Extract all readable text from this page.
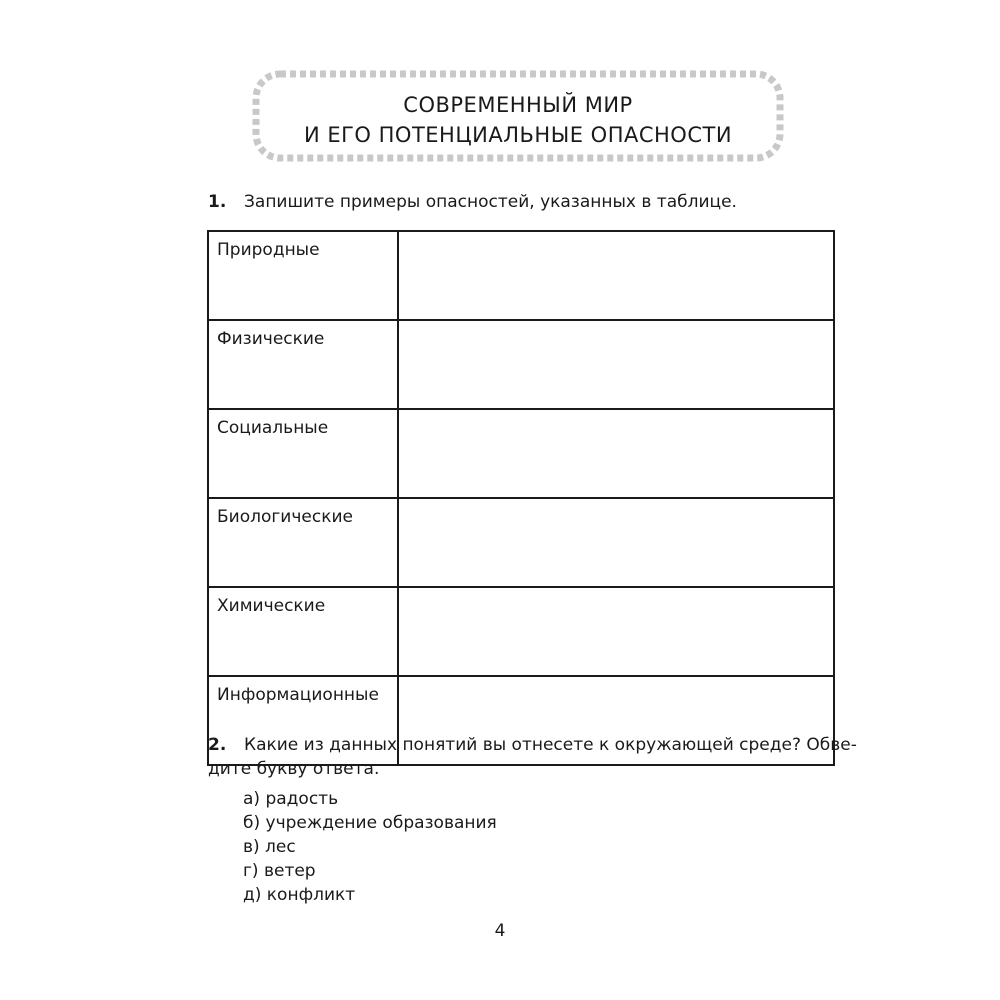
СОВРЕМЕННЫЙ МИР
И ЕГО ПОТЕНЦИАЛЬНЫЕ ОПАСНОСТИ
1. Запишите примеры опасностей, указанных в таблице.
Природные	
Физические	
Социальные	
Биологические	
Химические	
Информационные	
2. Какие из данных понятий вы отнесете к окружающей среде? Обве-
дите букву ответа.
а) радость
б) учреждение образования
в) лес
г) ветер
д) конфликт
4
